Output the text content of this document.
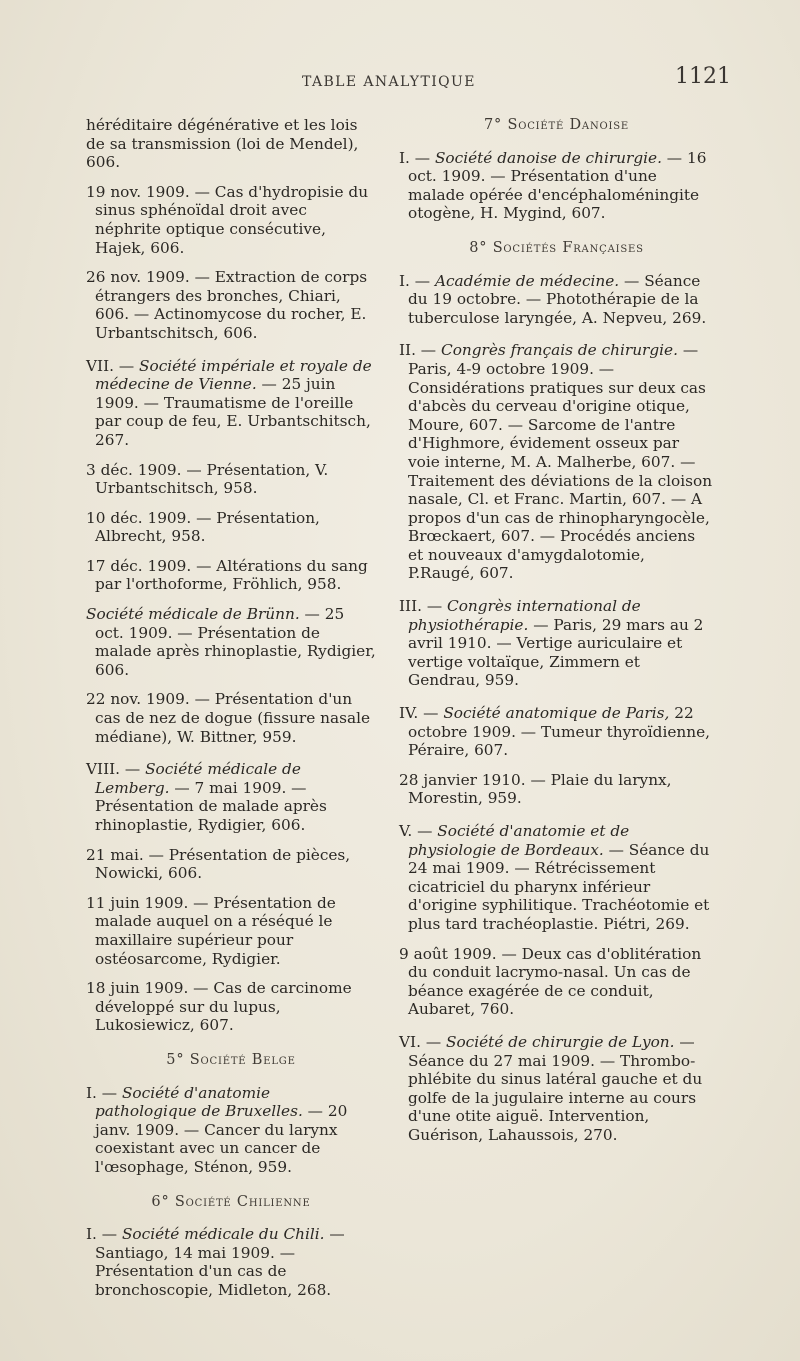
TABLE ANALYTIQUE	1121

héréditaire dégénérative et les lois de sa transmission (loi de Mendel), 606.

19 nov. 1909. — Cas d'hydropisie du sinus sphénoïdal droit avec néphrite optique consécutive, Hajek, 606.

26 nov. 1909. — Extraction de corps étrangers des bronches, Chiari, 606. — Actinomycose du rocher, E. Urbantschitsch, 606.

VII. — Société impériale et royale de médecine de Vienne. — 25 juin 1909. — Traumatisme de l'oreille par coup de feu, E. Urbantschitsch, 267.

3 déc. 1909. — Présentation, V. Urbantschitsch, 958.

10 déc. 1909. — Présentation, Albrecht, 958.

17 déc. 1909. — Altérations du sang par l'orthoforme, Fröhlich, 958.

Société médicale de Brünn. — 25 oct. 1909. — Présentation de malade après rhinoplastie, Rydigier, 606.

22 nov. 1909. — Présentation d'un cas de nez de dogue (fissure nasale médiane), W. Bittner, 959.

VIII. — Société médicale de Lemberg. — 7 mai 1909. — Présentation de malade après rhinoplastie, Rydigier, 606.

21 mai. — Présentation de pièces, Nowicki, 606.

11 juin 1909. — Présentation de malade auquel on a réséqué le maxillaire supérieur pour ostéosarcome, Rydigier.

18 juin 1909. — Cas de carcinome développé sur du lupus, Lukosiewicz, 607.

5° Société Belge

I. — Société d'anatomie pathologique de Bruxelles. — 20 janv. 1909. — Cancer du larynx coexistant avec un cancer de l'œsophage, Sténon, 959.

6° Société Chilienne

I. — Société médicale du Chili. — Santiago, 14 mai 1909. — Présentation d'un cas de bronchoscopie, Midleton, 268.

7° Société Danoise

I. — Société danoise de chirurgie. — 16 oct. 1909. — Présentation d'une malade opérée d'encéphaloméningite otogène, H. Mygind, 607.

8° Sociétés Françaises

I. — Académie de médecine. — Séance du 19 octobre. — Photothérapie de la tuberculose laryngée, A. Nepveu, 269.

II. — Congrès français de chirurgie. — Paris, 4-9 octobre 1909. — Considérations pratiques sur deux cas d'abcès du cerveau d'origine otique, Moure, 607. — Sarcome de l'antre d'Highmore, évidement osseux par voie interne, M. A. Malherbe, 607. — Traitement des déviations de la cloison nasale, Cl. et Franc. Martin, 607. — A propos d'un cas de rhinopharyngocèle, Brœckaert, 607. — Procédés anciens et nouveaux d'amygdalotomie, P.Raugé, 607.

III. — Congrès international de physiothérapie. — Paris, 29 mars au 2 avril 1910. — Vertige auriculaire et vertige voltaïque, Zimmern et Gendrau, 959.

IV. — Société anatomique de Paris, 22 octobre 1909. — Tumeur thyroïdienne, Péraire, 607.

28 janvier 1910. — Plaie du larynx, Morestin, 959.

V. — Société d'anatomie et de physiologie de Bordeaux. — Séance du 24 mai 1909. — Rétrécissement cicatriciel du pharynx inférieur d'origine syphilitique. Trachéotomie et plus tard trachéoplastie. Piétri, 269.

9 août 1909. — Deux cas d'oblitération du conduit lacrymo-nasal. Un cas de béance exagérée de ce conduit, Aubaret, 760.

VI. — Société de chirurgie de Lyon. — Séance du 27 mai 1909. — Thrombo-phlébite du sinus latéral gauche et du golfe de la jugulaire interne au cours d'une otite aiguë. Intervention, Guérison, Lahaussois, 270.
